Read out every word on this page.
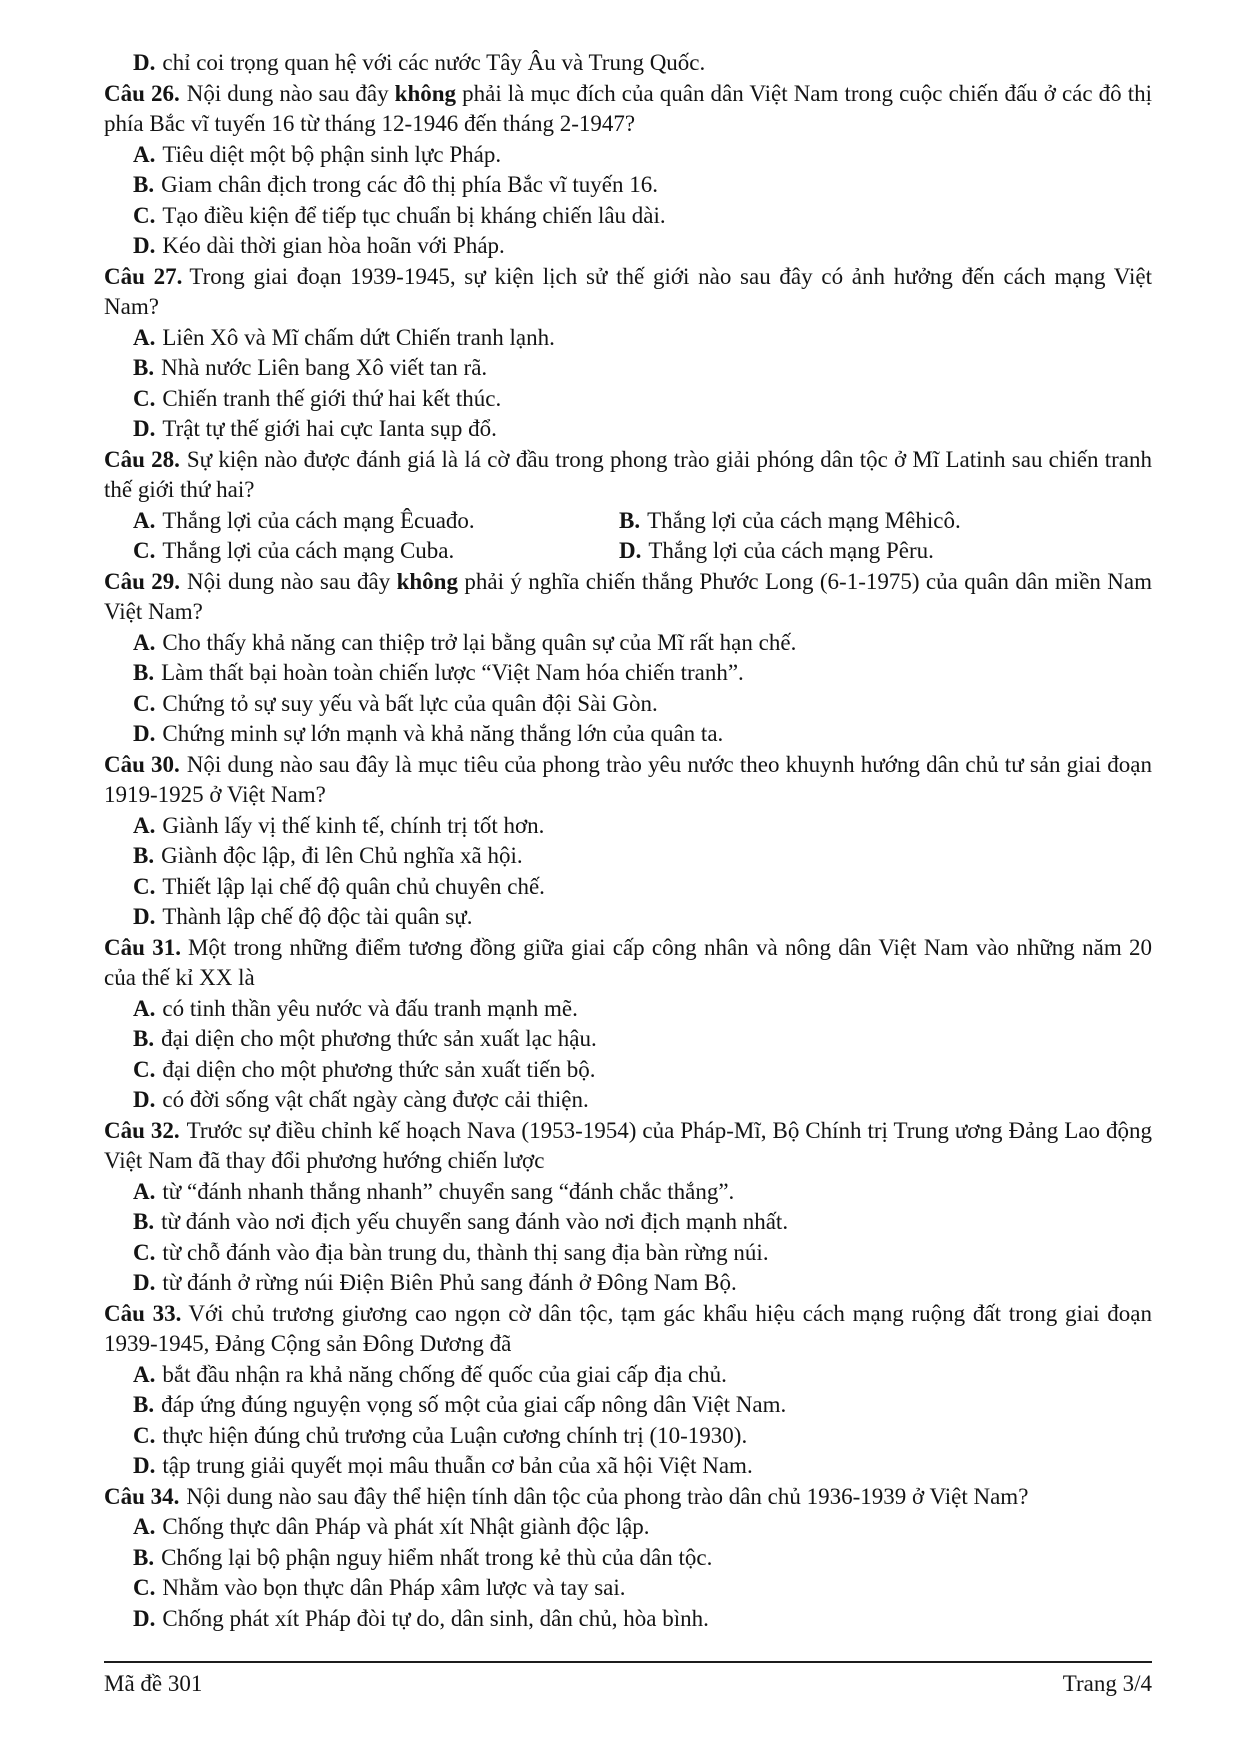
D. chỉ coi trọng quan hệ với các nước Tây Âu và Trung Quốc.

Câu 26. Nội dung nào sau đây không phải là mục đích của quân dân Việt Nam trong cuộc chiến đấu ở các đô thị phía Bắc vĩ tuyến 16 từ tháng 12-1946 đến tháng 2-1947?

A. Tiêu diệt một bộ phận sinh lực Pháp.

B. Giam chân địch trong các đô thị phía Bắc vĩ tuyến 16.

C. Tạo điều kiện để tiếp tục chuẩn bị kháng chiến lâu dài.

D. Kéo dài thời gian hòa hoãn với Pháp.

Câu 27. Trong giai đoạn 1939-1945, sự kiện lịch sử thế giới nào sau đây có ảnh hưởng đến cách mạng Việt Nam?

A. Liên Xô và Mĩ chấm dứt Chiến tranh lạnh.

B. Nhà nước Liên bang Xô viết tan rã.

C. Chiến tranh thế giới thứ hai kết thúc.

D. Trật tự thế giới hai cực Ianta sụp đổ.

Câu 28. Sự kiện nào được đánh giá là lá cờ đầu trong phong trào giải phóng dân tộc ở Mĩ Latinh sau chiến tranh thế giới thứ hai?

A. Thắng lợi của cách mạng Êcuađo.	B. Thắng lợi của cách mạng Mêhicô.

C. Thắng lợi của cách mạng Cuba.	D. Thắng lợi của cách mạng Pêru.

Câu 29. Nội dung nào sau đây không phải ý nghĩa chiến thắng Phước Long (6-1-1975) của quân dân miền Nam Việt Nam?

A. Cho thấy khả năng can thiệp trở lại bằng quân sự của Mĩ rất hạn chế.

B. Làm thất bại hoàn toàn chiến lược “Việt Nam hóa chiến tranh”.

C. Chứng tỏ sự suy yếu và bất lực của quân đội Sài Gòn.

D. Chứng minh sự lớn mạnh và khả năng thắng lớn của quân ta.

Câu 30. Nội dung nào sau đây là mục tiêu của phong trào yêu nước theo khuynh hướng dân chủ tư sản giai đoạn 1919-1925 ở Việt Nam?

A. Giành lấy vị thế kinh tế, chính trị tốt hơn.

B. Giành độc lập, đi lên Chủ nghĩa xã hội.

C. Thiết lập lại chế độ quân chủ chuyên chế.

D. Thành lập chế độ độc tài quân sự.

Câu 31. Một trong những điểm tương đồng giữa giai cấp công nhân và nông dân Việt Nam vào những năm 20 của thế kỉ XX là

A. có tinh thần yêu nước và đấu tranh mạnh mẽ.

B. đại diện cho một phương thức sản xuất lạc hậu.

C. đại diện cho một phương thức sản xuất tiến bộ.

D. có đời sống vật chất ngày càng được cải thiện.

Câu 32. Trước sự điều chỉnh kế hoạch Nava (1953-1954) của Pháp-Mĩ, Bộ Chính trị Trung ương Đảng Lao động Việt Nam đã thay đổi phương hướng chiến lược

A. từ “đánh nhanh thắng nhanh” chuyển sang “đánh chắc thắng”.

B. từ đánh vào nơi địch yếu chuyển sang đánh vào nơi địch mạnh nhất.

C. từ chỗ đánh vào địa bàn trung du, thành thị sang địa bàn rừng núi.

D. từ đánh ở rừng núi Điện Biên Phủ sang đánh ở Đông Nam Bộ.

Câu 33. Với chủ trương giương cao ngọn cờ dân tộc, tạm gác khẩu hiệu cách mạng ruộng đất trong giai đoạn 1939-1945, Đảng Cộng sản Đông Dương đã

A. bắt đầu nhận ra khả năng chống đế quốc của giai cấp địa chủ.

B. đáp ứng đúng nguyện vọng số một của giai cấp nông dân Việt Nam.

C. thực hiện đúng chủ trương của Luận cương chính trị (10-1930).

D. tập trung giải quyết mọi mâu thuẫn cơ bản của xã hội Việt Nam.

Câu 34. Nội dung nào sau đây thể hiện tính dân tộc của phong trào dân chủ 1936-1939 ở Việt Nam?

A. Chống thực dân Pháp và phát xít Nhật giành độc lập.

B. Chống lại bộ phận nguy hiểm nhất trong kẻ thù của dân tộc.

C. Nhằm vào bọn thực dân Pháp xâm lược và tay sai.

D. Chống phát xít Pháp đòi tự do, dân sinh, dân chủ, hòa bình.

Mã đề 301	Trang 3/4
